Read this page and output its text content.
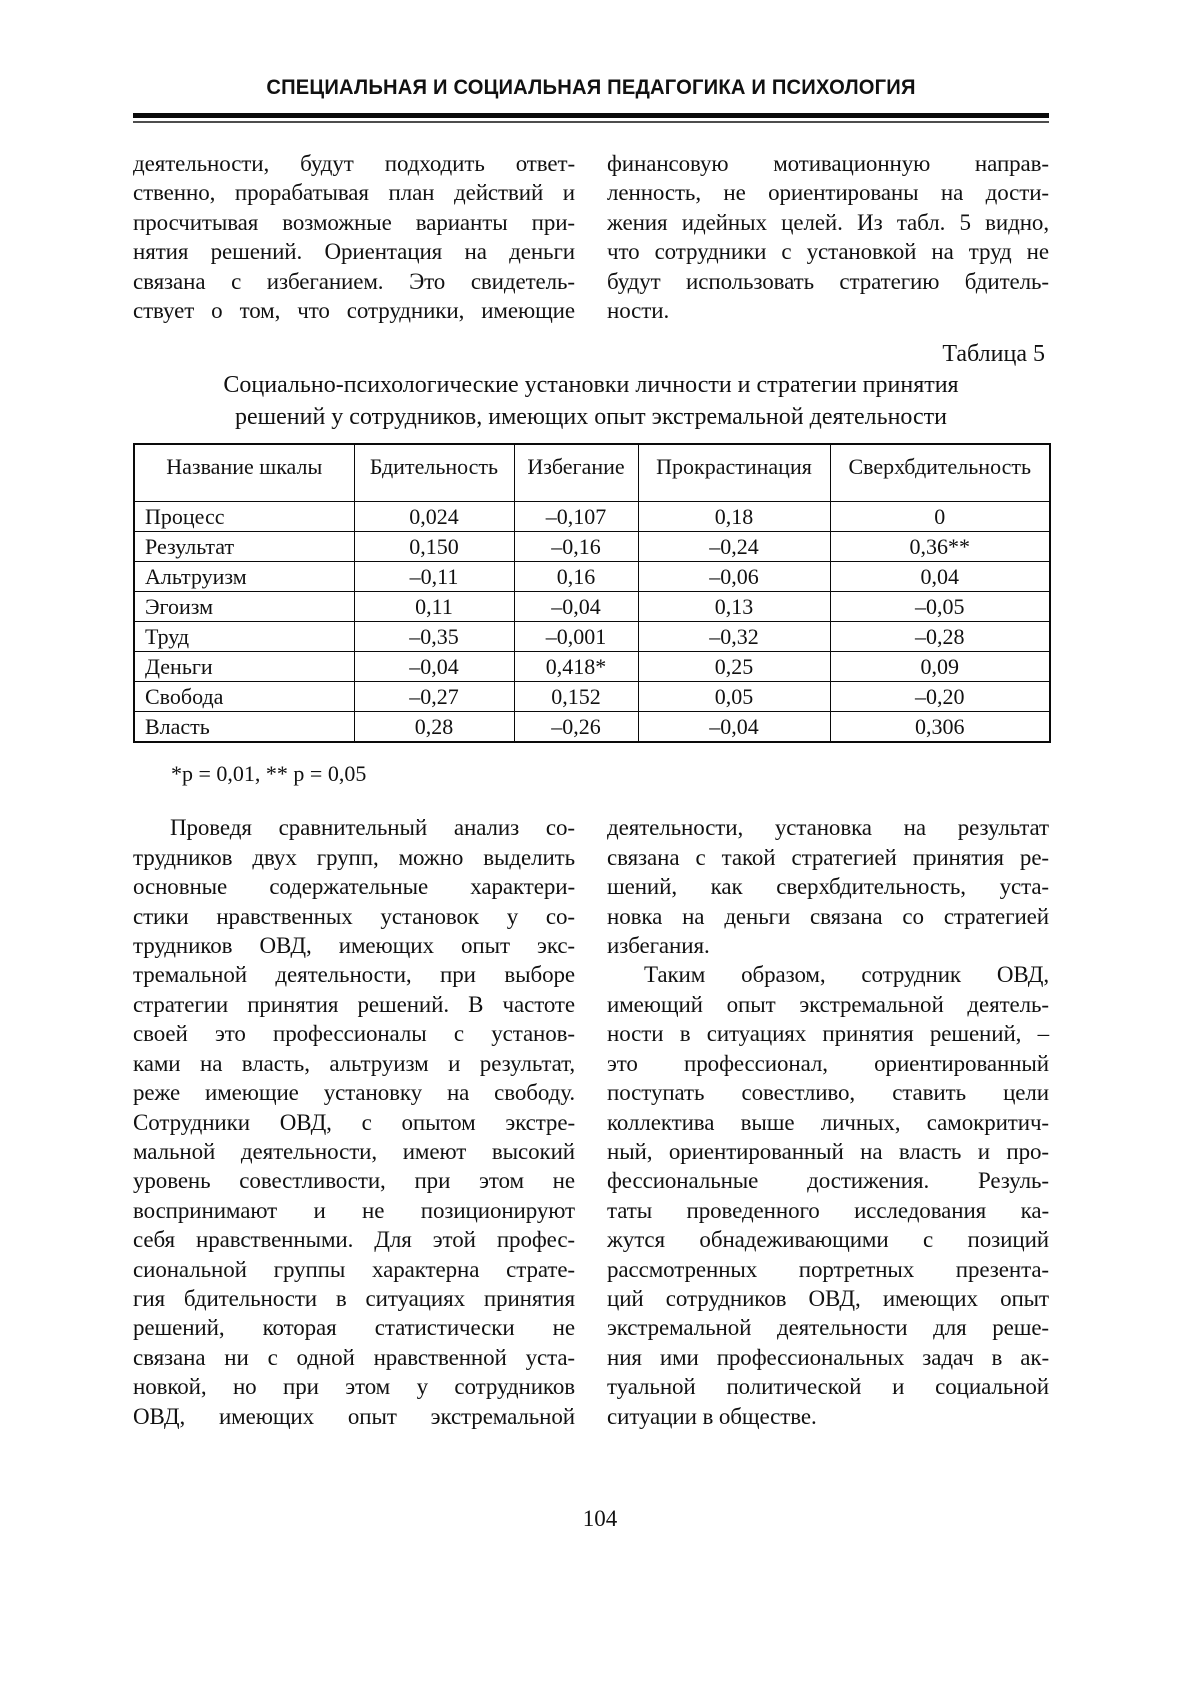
СПЕЦИАЛЬНАЯ И СОЦИАЛЬНАЯ ПЕДАГОГИКА И ПСИХОЛОГИЯ
деятельности, будут подходить ответ-
ственно, прорабатывая план действий и
просчитывая возможные варианты при-
нятия решений. Ориентация на деньги
связана с избеганием. Это свидетель-
ствует о том, что сотрудники, имеющие
финансовую мотивационную направ-
ленность, не ориентированы на дости-
жения идейных целей. Из табл. 5 видно,
что сотрудники с установкой на труд не
будут использовать стратегию бдитель-
ности.
Таблица 5
Социально-психологические установки личности и стратегии принятия
решений у сотрудников, имеющих опыт экстремальной деятельности
Название шкалы	Бдительность	Избегание	Прокрастинация	Сверхбдительность
Процесс	0,024	–0,107	0,18	0
Результат	0,150	–0,16	–0,24	0,36**
Альтруизм	–0,11	0,16	–0,06	0,04
Эгоизм	0,11	–0,04	0,13	–0,05
Труд	–0,35	–0,001	–0,32	–0,28
Деньги	–0,04	0,418*	0,25	0,09
Свобода	–0,27	0,152	0,05	–0,20
Власть	0,28	–0,26	–0,04	0,306
*p = 0,01, ** p = 0,05
Проведя сравнительный анализ со-
трудников двух групп, можно выделить
основные содержательные характери-
стики нравственных установок у со-
трудников ОВД, имеющих опыт экс-
тремальной деятельности, при выборе
стратегии принятия решений. В частоте
своей это профессионалы с установ-
ками на власть, альтруизм и результат,
реже имеющие установку на свободу.
Сотрудники ОВД, с опытом экстре-
мальной деятельности, имеют высокий
уровень совестливости, при этом не
воспринимают и не позиционируют
себя нравственными. Для этой профес-
сиональной группы характерна страте-
гия бдительности в ситуациях принятия
решений, которая статистически не
связана ни с одной нравственной уста-
новкой, но при этом у сотрудников
ОВД, имеющих опыт экстремальной
деятельности, установка на результат
связана с такой стратегией принятия ре-
шений, как сверхбдительность, уста-
новка на деньги связана со стратегией
избегания.
Таким образом, сотрудник ОВД,
имеющий опыт экстремальной деятель-
ности в ситуациях принятия решений, –
это профессионал, ориентированный
поступать совестливо, ставить цели
коллектива выше личных, самокритич-
ный, ориентированный на власть и про-
фессиональные достижения. Резуль-
таты проведенного исследования ка-
жутся обнадеживающими с позиций
рассмотренных портретных презента-
ций сотрудников ОВД, имеющих опыт
экстремальной деятельности для реше-
ния ими профессиональных задач в ак-
туальной политической и социальной
ситуации в обществе.
104
